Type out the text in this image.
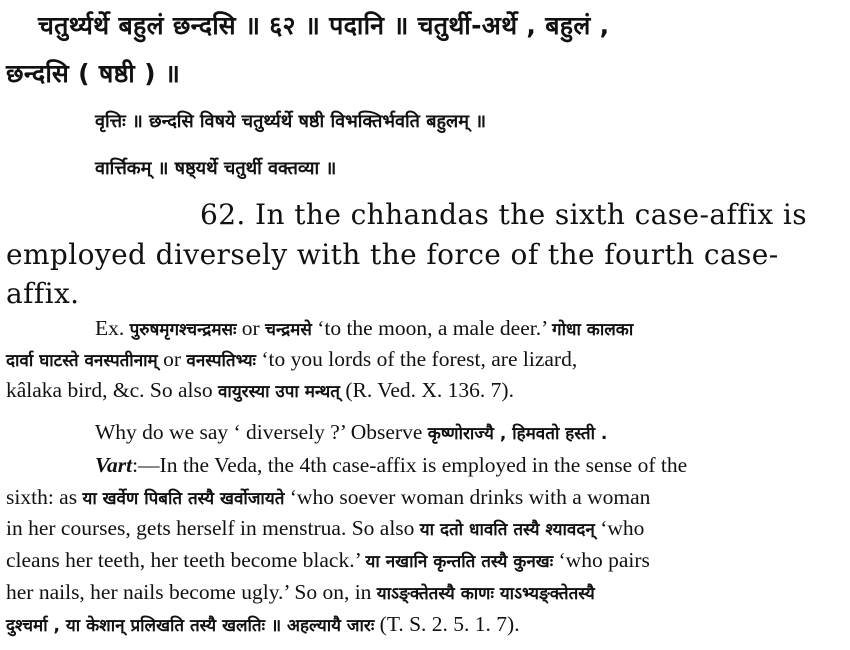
चतुर्थ्यर्थे बहुलं छन्दसि ॥ ६२ ॥ पदानि ॥ चतुर्थी-अर्थे , बहुलं ,
छन्दसि ( षष्ठी ) ॥
वृत्तिः ॥ छन्दसि विषये चतुर्थ्यर्थे षष्ठी विभक्तिर्भवति बहुलम् ॥
वार्त्तिकम् ॥ षष्ठ्यर्थे चतुर्थी वक्तव्या ॥
62. In the chhandas the sixth case-affix is
employed diversely with the force of the fourth case-
affix.
Ex. पुरुषमृगश्चन्द्रमसः or चन्द्रमसे ‘to the moon, a male deer.’ गोधा कालका
दार्वा घाटस्ते वनस्पतीनाम् or वनस्पतिभ्यः ‘to you lords of the forest, are lizard,
kâlaka bird, &c. So also वायुरस्या उपा मन्थत् (R. Ved. X. 136. 7).
Why do we say ‘ diversely ?’ Observe कृष्णोराज्यै , हिमवतो हस्ती .
Vart:—In the Veda, the 4th case-affix is employed in the sense of the
sixth: as या खर्वेण पिबति तस्यै खर्वोजायते ‘who soever woman drinks with a woman
in her courses, gets herself in menstrua. So also या दतो धावति तस्यै श्यावदन् ‘who
cleans her teeth, her teeth become black.’ या नखानि कृन्तति तस्यै कुनखः ‘who pairs
her nails, her nails become ugly.’ So on, in याऽङ्क्तेतस्यै काणः याऽभ्यङ्क्तेतस्यै
दुश्चर्मा , या केशान् प्रलिखति तस्यै खलतिः ॥ अहल्यायै जारः (T. S. 2. 5. 1. 7).
